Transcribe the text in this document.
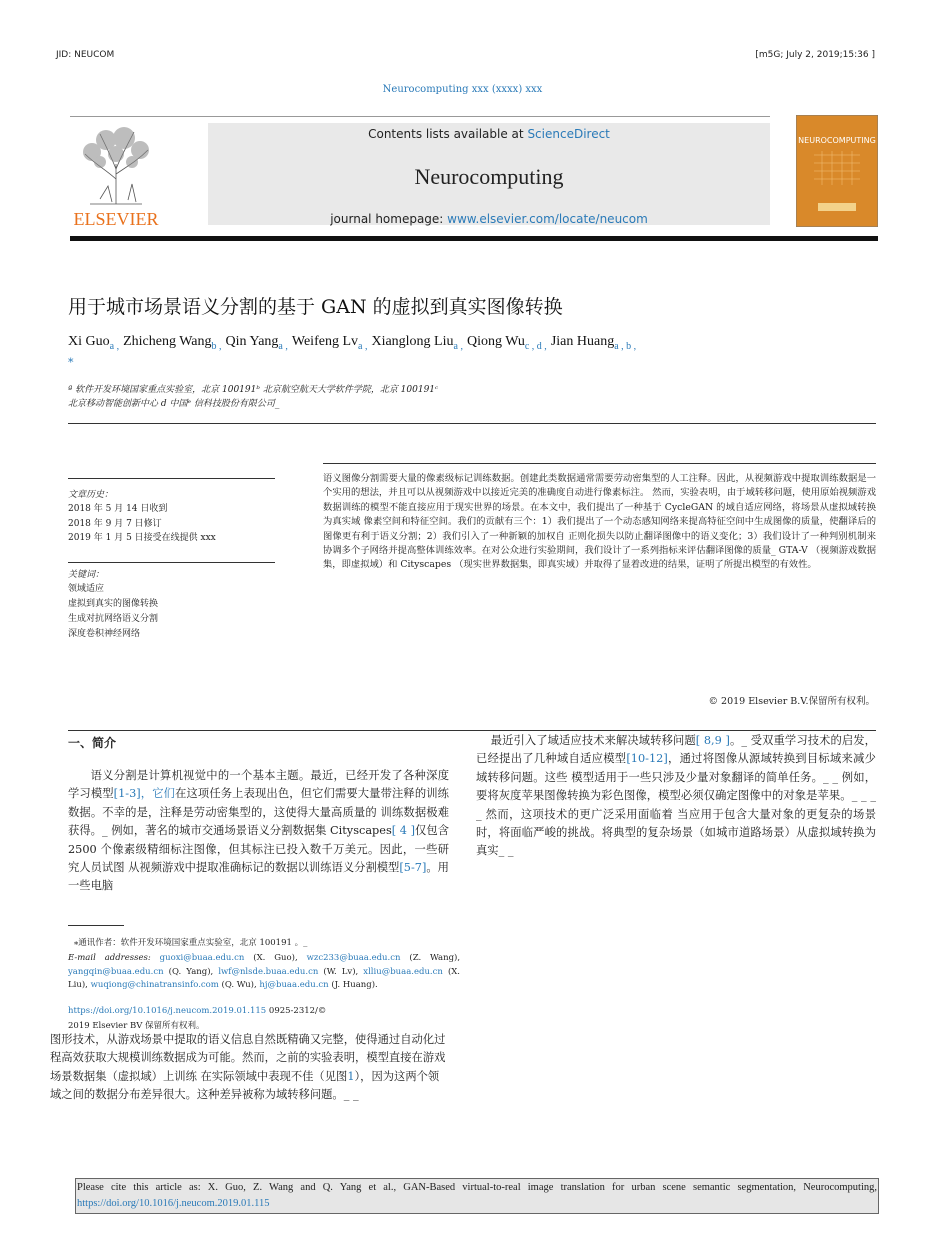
JID: NEUCOM	[m5G; July 2, 2019;15:36 ]
Neurocomputing xxx (xxxx) xxx
Contents lists available at ScienceDirect
Neurocomputing
journal homepage: www.elsevier.com/locate/neucom
ELSEVIER
NEUROCOMPUTING
用于城市场景语义分割的基于 GAN 的虚拟到真实图像转换
Xi Guo$_{a ,}$ Zhicheng Wang$_{b ,}$ Qin Yang$_{a ,}$ Weifeng $Lv_{a ,}$ Xianglong Liu$_{a ,}$ Qiong $Wu_{c , d ,}$ Jian Huang$_{a , b ,}$
*
ª 软件开发环境国家重点实验室，北京 100191ᵇ 北京航空航天大学软件学院，北京 100191ᶜ 北京移动智能创新中心 d 中国ᵉ 信科技股份有限公司_
文章历史：
2018 年 5 月 14 日收到
2018 年 9 月 7 日修订
2019 年 1 月 5 日接受在线提供 xxx
关键词：
领域适应
虚拟到真实的图像转换
生成对抗网络语义分割
深度卷积神经网络
语义图像分割需要大量的像素级标记训练数据。创建此类数据通常需要劳动密集型的人工注释。因此，从视频游戏中提取训练数据是一个实用的想法，并且可以从视频游戏中以接近完美的准确度自动进行像素标注。 然而，实验表明，由于域转移问题，使用原始视频游戏数据训练的模型不能直接应用于现实世界的场景。在本文中，我们提出了一种基于 CycleGAN 的域自适应网络，将场景从虚拟域转换为真实域 像素空间和特征空间。我们的贡献有三个：1）我们提出了一个动态感知网络来提高特征空间中生成图像的质量，使翻译后的图像更有利于语义分割；2）我们引入了一种新颖的加权自 正则化损失以防止翻译图像中的语义变化；3）我们设计了一种判别机制来协调多个子网络并提高整体训练效率。在对公众进行实验期间，我们设计了一系列指标来评估翻译图像的质量_ GTA-V （视频游戏数据集，即虚拟域）和 Cityscapes （现实世界数据集，即真实域）并取得了显着改进的结果，证明了所提出模型的有效性。
© 2019 Elsevier B.V.保留所有权利。
一、简介
语义分割是计算机视觉中的一个基本主题。最近，已经开发了各种深度学习模型[1-3]，它们在这项任务上表现出色，但它们需要大量带注释的训练数据。不幸的是，注释是劳动密集型的，这使得大量高质量的 训练数据极难获得。_ 例如，著名的城市交通场景语义分割数据集 Cityscapes[ 4 ]仅包含 2500 个像素级精细标注图像，但其标注已投入数千万美元。因此，一些研究人员试图 从视频游戏中提取准确标记的数据以训练语义分割模型[5-7]。用一些电脑
最近引入了域适应技术来解决域转移问题[ 8,9 ]。_ 受双重学习技术的启发，已经提出了几种域自适应模型[10-12]，通过将图像从源域转换到目标域来减少域转移问题。这些 模型适用于一些只涉及少量对象翻译的简单任务。_ _ 例如，要将灰度苹果图像转换为彩色图像，模型必须仅确定图像中的对象是苹果。_ _ _ _ 然而，这项技术的更广泛采用面临着 当应用于包含大量对象的更复杂的场景时，将面临严峻的挑战。将典型的复杂场景（如城市道路场景）从虚拟域转换为真实_ _
⁎通讯作者：软件开发环境国家重点实验室，北京 100191 。_
E-mail addresses: guoxi@buaa.edu.cn (X. Guo), wzc233@buaa.edu.cn (Z. Wang), yangqin@buaa.edu.cn (Q. Yang), lwf@nlsde.buaa.edu.cn (W. Lv), xlliu@buaa.edu.cn (X. Liu), wuqiong@chinatransinfo.com (Q. Wu), hj@buaa.edu.cn (J. Huang).
https://doi.org/10.1016/j.neucom.2019.01.115 0925-2312/©
2019 Elsevier BV 保留所有权利。
图形技术，从游戏场景中提取的语义信息自然既精确又完整，使得通过自动化过程高效获取大规模训练数据成为可能。然而，之前的实验表明，模型直接在游戏场景数据集（虚拟域）上训练 在实际领域中表现不佳（见图1），因为这两个领域之间的数据分布差异很大。这种差异被称为域转移问题。_ _
Please cite this article as: X. Guo, Z. Wang and Q. Yang et al., GAN-Based virtual-to-real image translation for urban scene semantic segmentation, Neurocomputing, https://doi.org/10.1016/j.neucom.2019.01.115
